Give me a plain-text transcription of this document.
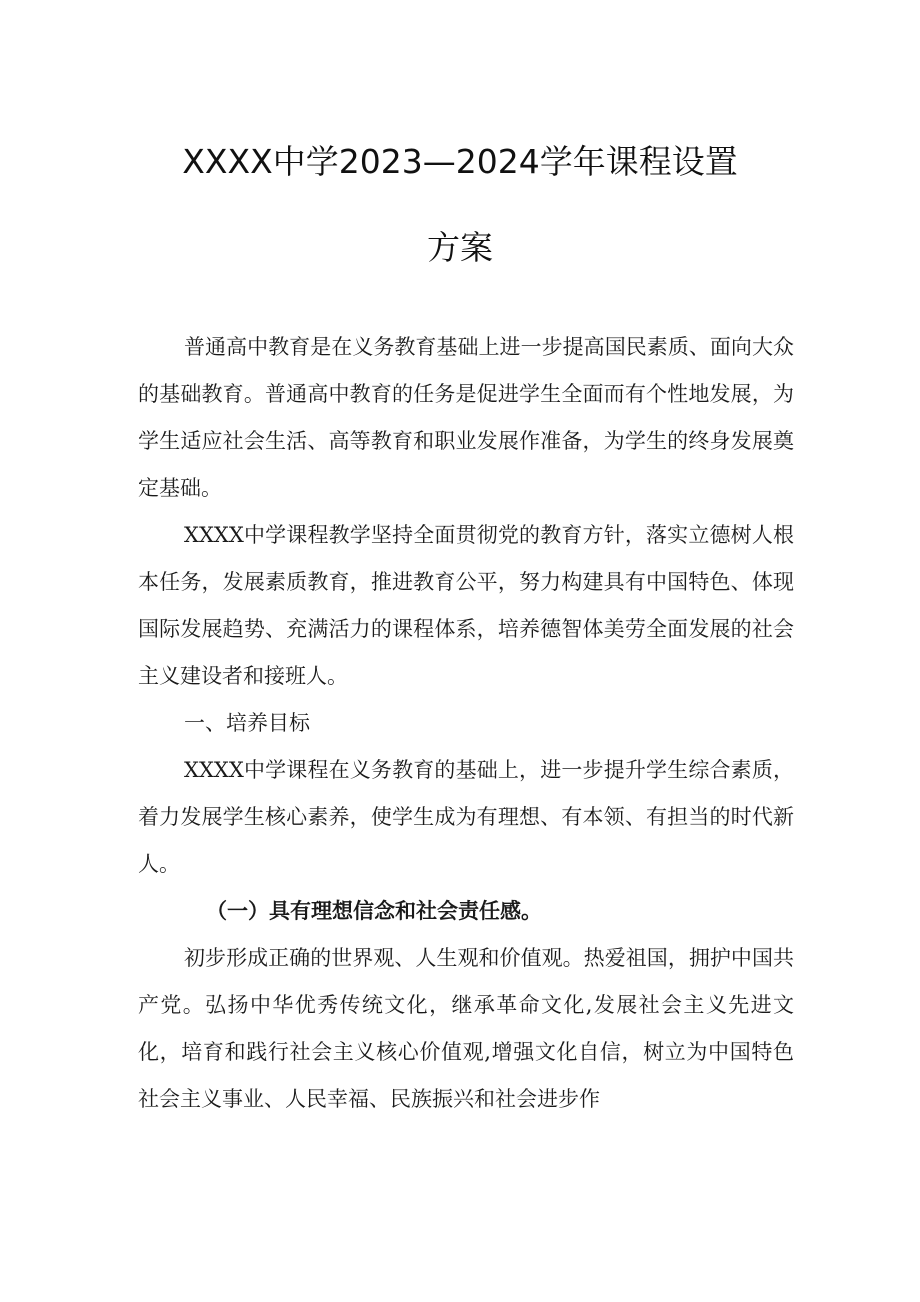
XXXX中学2023—2024学年课程设置
方案

普通高中教育是在义务教育基础上进一步提高国民素质、面向大众的基础教育。普通高中教育的任务是促进学生全面而有个性地发展，为学生适应社会生活、高等教育和职业发展作准备，为学生的终身发展奠定基础。

XXXX中学课程教学坚持全面贯彻党的教育方针，落实立德树人根本任务，发展素质教育，推进教育公平，努力构建具有中国特色、体现国际发展趋势、充满活力的课程体系，培养德智体美劳全面发展的社会主义建设者和接班人。

一、培养目标

XXXX中学课程在义务教育的基础上，进一步提升学生综合素质，着力发展学生核心素养，使学生成为有理想、有本领、有担当的时代新人。

（一）具有理想信念和社会责任感。

初步形成正确的世界观、人生观和价值观。热爱祖国，拥护中国共产党。弘扬中华优秀传统文化，继承革命文化,发展社会主义先进文化，培育和践行社会主义核心价值观,增强文化自信，树立为中国特色社会主义事业、人民幸福、民族振兴和社会进步作
